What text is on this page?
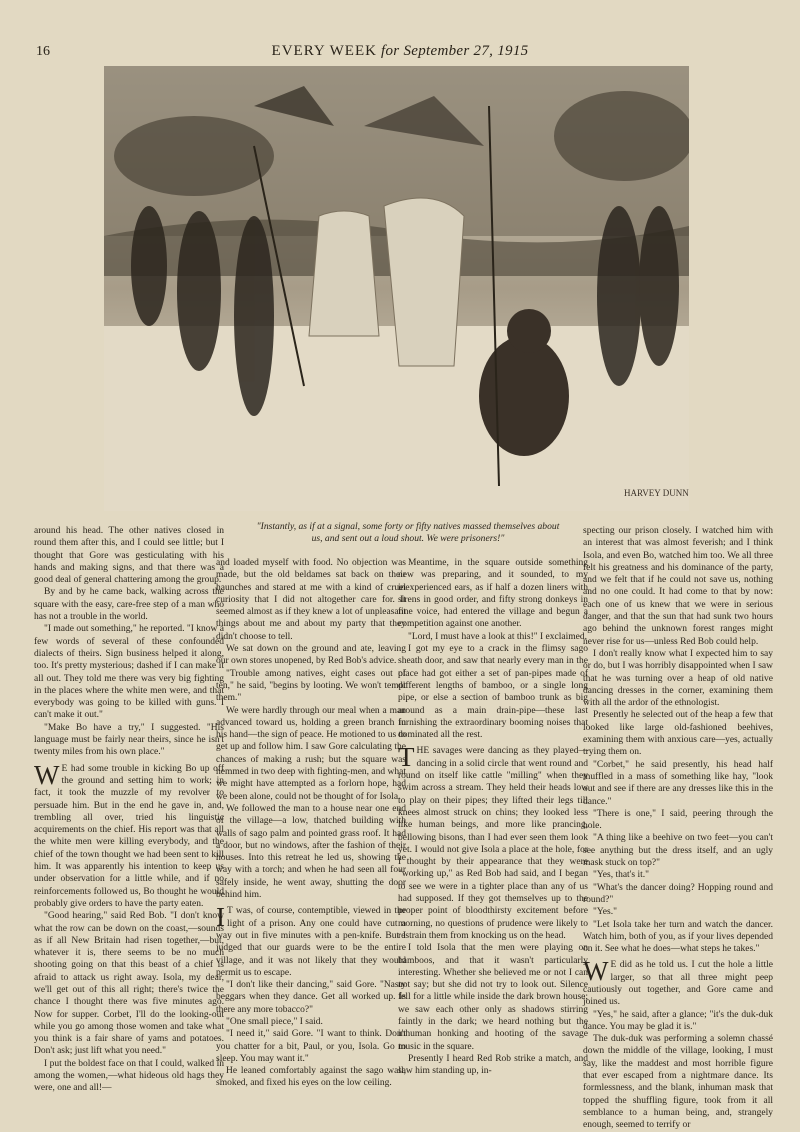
16	EVERY WEEK for September 27, 1915
HARVEY DUNN
"Instantly, as if at a signal, some forty or fifty natives massed themselves about us, and sent out a loud shout. We were prisoners!"

around his head. The other natives closed in round them after this, and I could see little; but I thought that Gore was gesticulating with his hands and making signs, and that there was a good deal of general chattering among the group.

By and by he came back, walking across the square with the easy, care-free step of a man who has not a trouble in the world.

"I made out something," he reported. "I know a few words of several of these confounded dialects of theirs. Sign business helped it along, too. It's pretty mysterious; dashed if I can make it all out. They told me there was very big fighting in the places where the white men were, and that everybody was going to be killed with guns. I can't make it out."

"Make Bo have a try," I suggested. "His language must be fairly near theirs, since he isn't twenty miles from his own place."

W E had some trouble in kicking Bo up off the ground and setting him to work; in fact, it took the muzzle of my revolver to persuade him. But in the end he gave in, and, trembling all over, tried his linguistic acquirements on the chief. His report was that all the white men were killing everybody, and the chief of the town thought we had been sent to kill him. It was apparently his intention to keep us under observation for a little while, and if no reinforcements followed us, Bo thought he would probably give orders to have the party eaten.

"Good hearing," said Red Bob. "I don't know what the row can be down on the coast,—sounds as if all New Britain had risen together,—but, whatever it is, there seems to be no much shooting going on that this beast of a chief is afraid to attack us right away. Isola, my dear, we'll get out of this all right; there's twice the chance I thought there was five minutes ago. Now for supper. Corbet, I'll do the looking-out while you go among those women and take what you think is a fair share of yams and potatoes. Don't ask; just lift what you need."

I put the boldest face on that I could, walked in among the women,—what hideous old hags they were, one and all!—

and loaded myself with food. No objection was made, but the old beldames sat back on their haunches and stared at me with a kind of cruel curiosity that I did not altogether care for. It seemed almost as if they knew a lot of unpleasant things about me and about my party that they didn't choose to tell.

We sat down on the ground and ate, leaving our own stores unopened, by Red Bob's advice.

"Trouble among natives, eight cases out of ten," he said, "begins by looting. We won't tempt them."

We were hardly through our meal when a man advanced toward us, holding a green branch in his hand—the sign of peace. He motioned to us to get up and follow him. I saw Gore calculating the chances of making a rush; but the square was hemmed in two deep with fighting-men, and what we might have attempted as a forlorn hope, had we been alone, could not be thought of for Isola.

We followed the man to a house near one end of the village—a low, thatched building with walls of sago palm and pointed grass roof. It had a door, but no windows, after the fashion of their houses. Into this retreat he led us, showing the way with a torch; and when he had seen all four safely inside, he went away, shutting the door behind him.

I T was, of course, contemptible, viewed in the light of a prison. Any one could have cut a way out in five minutes with a pen-knife. But I judged that our guards were to be the entire village, and it was not likely that they would permit us to escape.

"I don't like their dancing," said Gore. "Nasty beggars when they dance. Get all worked up. Is there any more tobacco?"

"One small piece," I said.

"I need it," said Gore. "I want to think. Don't you chatter for a bit, Paul, or you, Isola. Go to sleep. You may want it."

He leaned comfortably against the sago wall, smoked, and fixed his eyes on the low ceiling.

Meantime, in the square outside something new was preparing, and it sounded, to my inexperienced ears, as if half a dozen liners with sirens in good order, and fifty strong donkeys in fine voice, had entered the village and begun a competition against one another.

"Lord, I must have a look at this!" I exclaimed.

I got my eye to a crack in the flimsy sago sheath door, and saw that nearly every man in the place had got either a set of pan-pipes made of different lengths of bamboo, or a single long pipe, or else a section of bamboo trunk as big around as a main drain-pipe—these last furnishing the extraordinary booming noises that dominated all the rest.

THE savages were dancing as they played—dancing in a solid circle that went round and round on itself like cattle "milling" when they swim across a stream. They held their heads low to play on their pipes; they lifted their legs till knees almost struck on chins; they looked less like human beings, and more like prancing, bellowing bisons, than I had ever seen them look yet. I would not give Isola a place at the hole, for I thought by their appearance that they were "working up," as Red Bob had said, and I began to see we were in a tighter place than any of us had supposed. If they got themselves up to the proper point of bloodthirsty excitement before morning, no questions of prudence were likely to restrain them from knocking us on the head.

I told Isola that the men were playing on bamboos, and that it wasn't particularly interesting. Whether she believed me or not I can not say; but she did not try to look out. Silence fell for a little while inside the dark brown house; we saw each other only as shadows stirring faintly in the dark; we heard nothing but the inhuman honking and hooting of the savage music in the square.

Presently I heard Red Rob strike a match, and saw him standing up, in-

specting our prison closely. I watched him with an interest that was almost feverish; and I think Isola, and even Bo, watched him too. We all three felt his greatness and his dominance of the party, and we felt that if he could not save us, nothing and no one could. It had come to that by now: each one of us knew that we were in serious danger, and that the sun that had sunk two hours ago behind the unknown forest ranges might never rise for us—unless Red Bob could help.

I don't really know what I expected him to say or do, but I was horribly disappointed when I saw that he was turning over a heap of old native dancing dresses in the corner, examining them with all the ardor of the ethnologist.

Presently he selected out of the heap a few that looked like large old-fashioned beehives, examining them with anxious care—yes, actually trying them on.

"Corbet," he said presently, his head half muffled in a mass of something like hay, "look out and see if there are any dresses like this in the dance."

"There is one," I said, peering through the hole.

"A thing like a beehive on two feet—you can't see anything but the dress itself, and an ugly mask stuck on top?"

"Yes, that's it."

"What's the dancer doing? Hopping round and round?"

"Yes."

"Let Isola take her turn and watch the dancer. Watch him, both of you, as if your lives depended on it. See what he does—what steps he takes."

W E did as he told us. I cut the hole a little larger, so that all three might peep cautiously out together, and Gore came and joined us.

"Yes," he said, after a glance; "it's the duk-duk dance. You may be glad it is."

The duk-duk was performing a solemn chassé down the middle of the village, looking, I must say, like the maddest and most horrible figure that ever escaped from a nightmare dance. Its formlessness, and the blank, inhuman mask that topped the shuffling figure, took from it all semblance to a human being, and, strangely enough, seemed to terrify or
